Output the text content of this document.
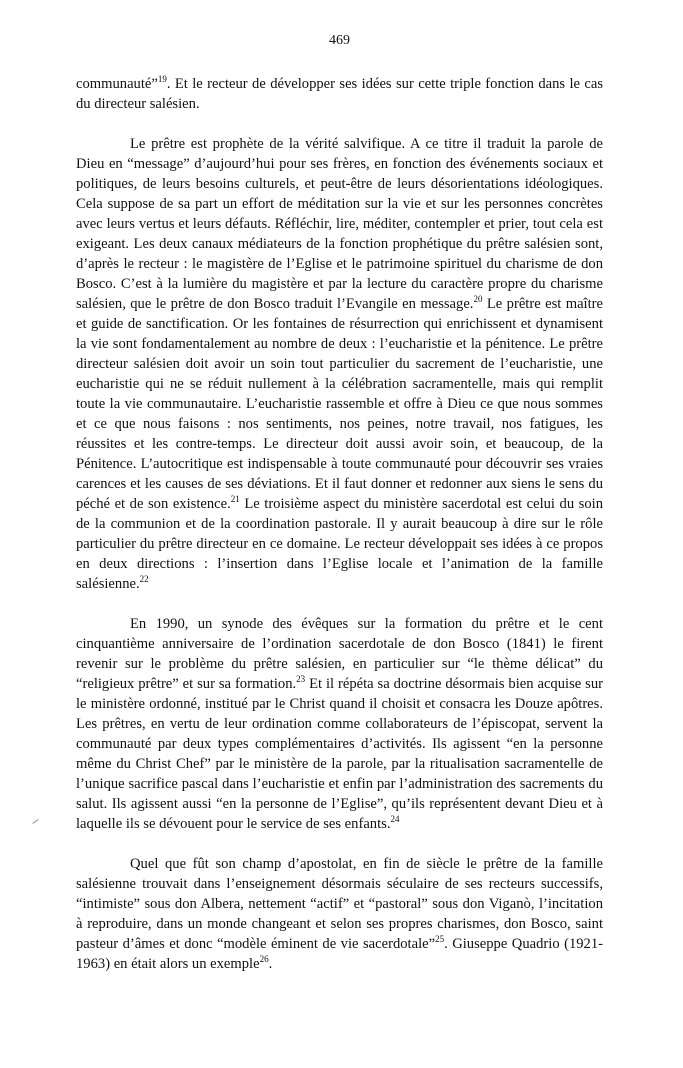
469

communauté”$^{19}$. Et le recteur de développer ses idées sur cette triple fonction dans le cas du directeur salésien.

Le prêtre est prophète de la vérité salvifique. A ce titre il traduit la parole de Dieu en “message” d’aujourd’hui pour ses frères, en fonction des événements sociaux et politiques, de leurs besoins culturels, et peut-être de leurs désorientations idéologiques. Cela suppose de sa part un effort de méditation sur la vie et sur les personnes concrètes avec leurs vertus et leurs défauts. Réfléchir, lire, méditer, contempler et prier, tout cela est exigeant. Les deux canaux médiateurs de la fonction prophétique du prêtre salésien sont, d’après le recteur : le magistère de l’Eglise et le patrimoine spirituel du charisme de don Bosco. C’est à la lumière du magistère et par la lecture du caractère propre du charisme salésien, que le prêtre de don Bosco traduit l’Evangile en message.$^{20}$ Le prêtre est maître et guide de sanctification. Or les fontaines de résurrection qui enrichissent et dynamisent la vie sont fondamentalement au nombre de deux : l’eucharistie et la pénitence. Le prêtre directeur salésien doit avoir un soin tout particulier du sacrement de l’eucharistie, une eucharistie qui ne se réduit nullement à la célébration sacramentelle, mais qui remplit toute la vie communautaire. L’eucharistie rassemble et offre à Dieu ce que nous sommes et ce que nous faisons : nos sentiments, nos peines, notre travail, nos fatigues, les réussites et les contre-temps. Le directeur doit aussi avoir soin, et beaucoup, de la Pénitence. L’autocritique est indispensable à toute communauté pour découvrir ses vraies carences et les causes de ses déviations. Et il faut donner et redonner aux siens le sens du péché et de son existence.$^{21}$ Le troisième aspect du ministère sacerdotal est celui du soin de la communion et de la coordination pastorale. Il y aurait beaucoup à dire sur le rôle particulier du prêtre directeur en ce domaine. Le recteur développait ses idées à ce propos en deux directions : l’insertion dans l’Eglise locale et l’animation de la famille salésienne.$^{22}$

En 1990, un synode des évêques sur la formation du prêtre et le cent cinquantième anniversaire de l’ordination sacerdotale de don Bosco (1841) le firent revenir sur le problème du prêtre salésien, en particulier sur “le thème délicat” du “religieux prêtre” et sur sa formation.$^{23}$ Et il répéta sa doctrine désormais bien acquise sur le ministère ordonné, institué par le Christ quand il choisit et consacra les Douze apôtres. Les prêtres, en vertu de leur ordination comme collaborateurs de l’épiscopat, servent la communauté par deux types complémentaires d’activités. Ils agissent “en la personne même du Christ Chef” par le ministère de la parole, par la ritualisation sacramentelle de l’unique sacrifice pascal dans l’eucharistie et enfin par l’administration des sacrements du salut. Ils agissent aussi “en la personne de l’Eglise”, qu’ils représentent devant Dieu et à laquelle ils se dévouent pour le service de ses enfants.$^{24}$

Quel que fût son champ d’apostolat, en fin de siècle le prêtre de la famille salésienne trouvait dans l’enseignement désormais séculaire de ses recteurs successifs, “intimiste” sous don Albera, nettement “actif” et “pastoral” sous don Viganò, l’incitation à reproduire, dans un monde changeant et selon ses propres charismes, don Bosco, saint pasteur d’âmes et donc “modèle éminent de vie sacerdotale”$^{25}$. Giuseppe Quadrio (1921-1963) en était alors un exemple$^{26}$.
